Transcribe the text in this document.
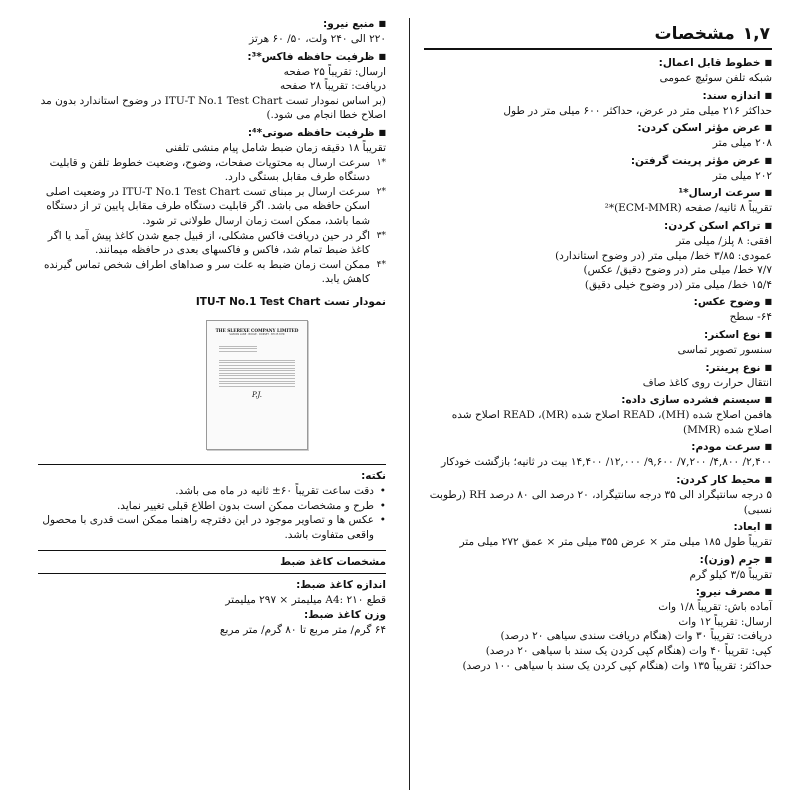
۱,۷
مشخصات
■ خطوط قابل اعمال:

شبکه تلفن سوئیچ عمومی

■ اندازه سند:

حداکثر ۲۱۶ میلی متر در عرض، حداکثر ۶۰۰ میلی متر در طول

■ عرض مؤثر اسکن کردن:

۲۰۸ میلی متر

■ عرض مؤثر پرینت گرفتن:

۲۰۲ میلی متر

■ سرعت ارسال*¹

تقریباً ۸ ثانیه/ صفحه (ECM-MMR)*²

■ تراکم اسکن کردن:

افقی: ۸ پلز/ میلی متر

عمودی: ۳/۸۵ خط/ میلی متر (در وضوح استاندارد)

۷/۷ خط/ میلی متر (در وضوح دقیق/ عکس)

۱۵/۴ خط/ میلی متر (در وضوح خیلی دقیق)

■ وضوح عکس:

۶۴- سطح

■ نوع اسکنر:

سنسور تصویر تماسی

■ نوع پرینتر:

انتقال حرارت روی کاغذ صاف

■ سیستم فشرده سازی داده:

هافمن اصلاح شده (MH)، READ اصلاح شده (MR)، READ اصلاح شده اصلاح شده (MMR)

■ سرعت مودم:

۲,۴۰۰/ ۴,۸۰۰/ ۷,۲۰۰/ ۹,۶۰۰/ ۱۲,۰۰۰/ ۱۴,۴۰۰ بیت در ثانیه؛ بازگشت خودکار

■ محیط کار کردن:

۵ درجه سانتیگراد الی ۳۵ درجه سانتیگراد، ۲۰ درصد الی ۸۰ درصد RH (رطوبت نسبی)

■ ابعاد:

تقریباً طول ۱۸۵ میلی متر × عرض ۳۵۵ میلی متر × عمق ۲۷۲ میلی متر

■ جرم (وزن):

تقریباً ۳/۵ کیلو گرم

■ مصرف نیرو:

آماده باش: تقریباً ۱/۸ وات

ارسال: تقریباً ۱۲ وات

دریافت: تقریباً ۳۰ وات (هنگام دریافت سندی سیاهی ۲۰ درصد)

کپی: تقریباً ۴۰ وات (هنگام کپی کردن یک سند با سیاهی ۲۰ درصد)

حداکثر: تقریباً ۱۳۵ وات (هنگام کپی کردن یک سند با سیاهی ۱۰۰ درصد)

■ منبع نیرو:

۲۲۰ الی ۲۴۰ ولت، ۵۰/ ۶۰ هرتز

■ ظرفیت حافظه فاکس*³:

ارسال: تقریباً ۲۵ صفحه

دریافت: تقریباً ۲۸ صفحه

(بر اساس نمودار تست ITU-T No.1 Test Chart در وضوح استاندارد بدون مد اصلاح خطا انجام می شود.)

■ ظرفیت حافظه صوتی*⁴:

تقریباً ۱۸ دقیقه زمان ضبط شامل پیام منشی تلفنی

*۱
سرعت ارسال به محتویات صفحات، وضوح، وضعیت خطوط تلفن و قابلیت دستگاه طرف مقابل بستگی دارد.
*۲
سرعت ارسال بر مبنای تست ITU-T No.1 Test Chart در وضعیت اصلی اسکن حافظه می باشد. اگر قابلیت دستگاه طرف مقابل پایین تر از دستگاه شما باشد، ممکن است زمان ارسال طولانی تر شود.
*۳
اگر در حین دریافت فاکس مشکلی، از قبیل جمع شدن کاغذ پیش آمد یا اگر کاغذ ضبط تمام شد، فاکس و فاکسهای بعدی در حافظه میمانند.
*۴
ممکن است زمان ضبط به علت سر و صداهای اطراف شخص تماس گیرنده کاهش یابد.
نمودار تست ITU-T No.1 Test Chart
THE SLEREXE COMPANY LIMITED
SAPORS LANE · BOOLE · DORSET · BH 25 8 ER
P.J.
نکته:
• دقت ساعت تقریباً ۶۰± ثانیه در ماه می باشد.
• طرح و مشخصات ممکن است بدون اطلاع قبلی تغییر نماید.
• عکس ها و تصاویر موجود در این دفترچه راهنما ممکن است قدری با محصول واقعی متفاوت باشد.
مشخصات کاغذ ضبط
اندازه کاغذ ضبط:

قطع A4: ۲۱۰ میلیمتر × ۲۹۷ میلیمتر

وزن کاغذ ضبط:

۶۴ گرم/ متر مربع تا ۸۰ گرم/ متر مربع
